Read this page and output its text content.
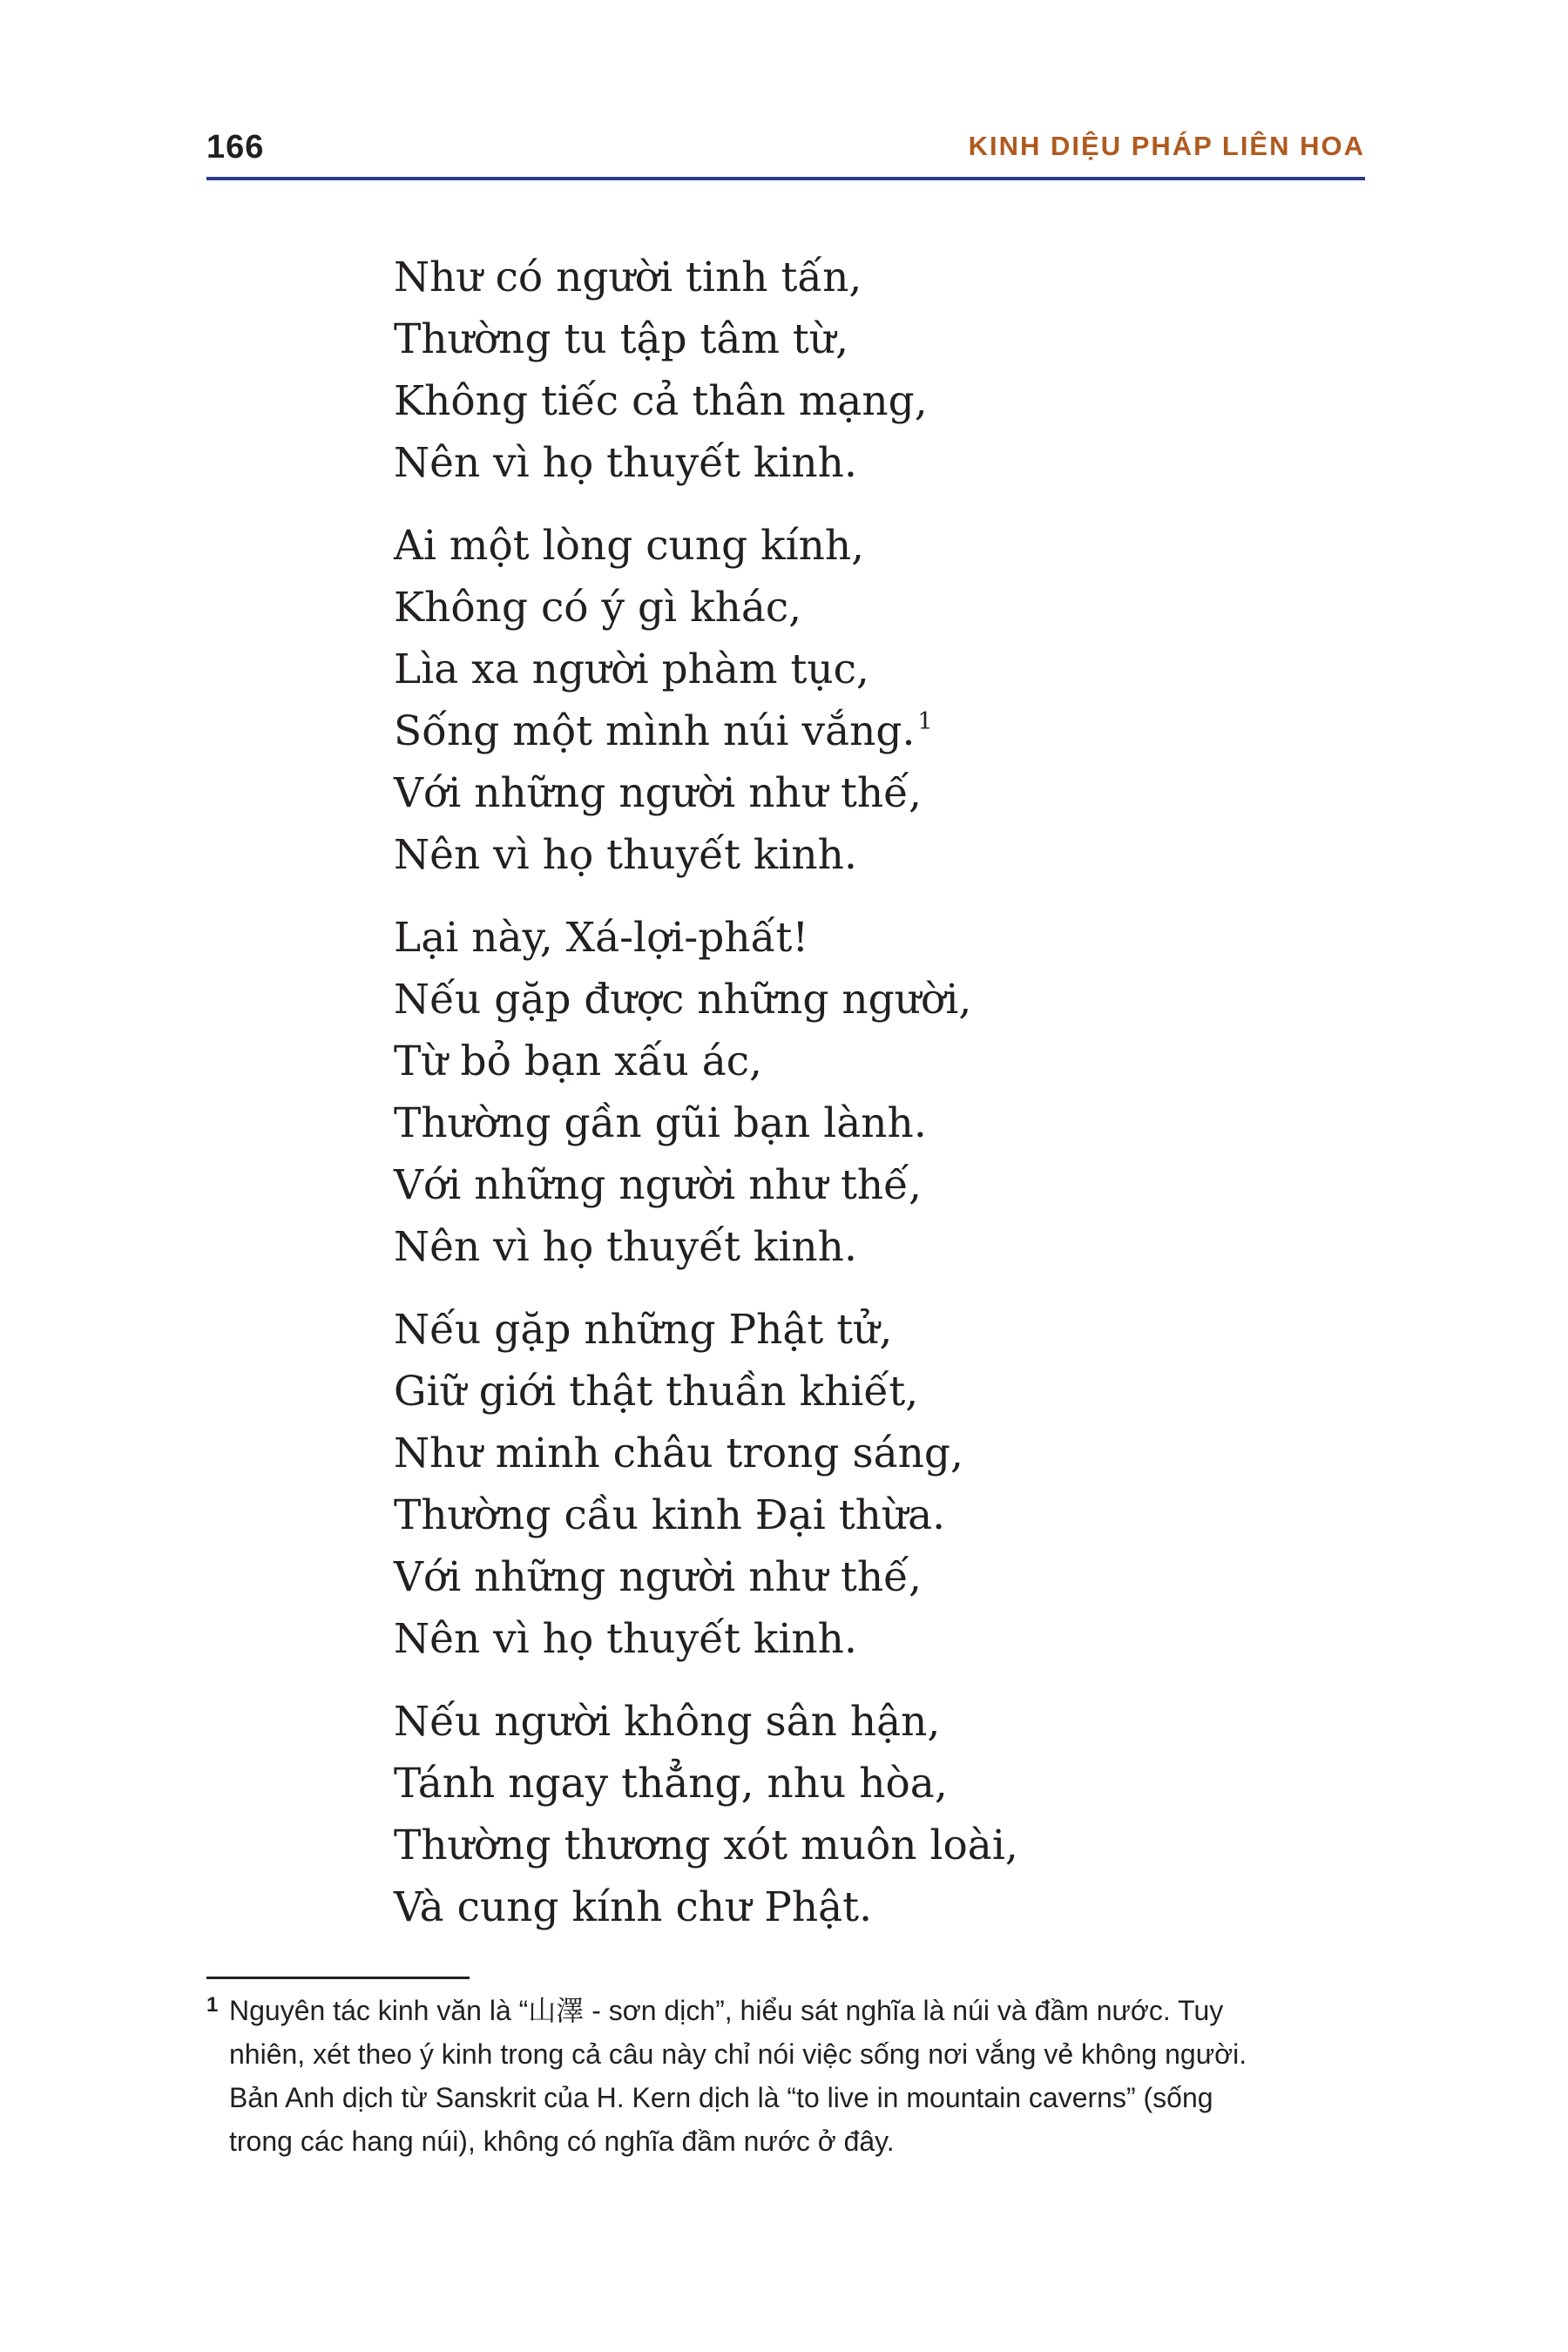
166	KINH DIỆU PHÁP LIÊN HOA
Như có người tinh tấn,
Thường tu tập tâm từ,
Không tiếc cả thân mạng,
Nên vì họ thuyết kinh.
Ai một lòng cung kính,
Không có ý gì khác,
Lìa xa người phàm tục,
Sống một mình núi vắng. $^1$
Với những người như thế,
Nên vì họ thuyết kinh.
Lại này, Xá-lợi-phất!
Nếu gặp được những người,
Từ bỏ bạn xấu ác,
Thường gần gũi bạn lành.
Với những người như thế,
Nên vì họ thuyết kinh.
Nếu gặp những Phật tử,
Giữ giới thật thuần khiết,
Như minh châu trong sáng,
Thường cầu kinh Đại thừa.
Với những người như thế,
Nên vì họ thuyết kinh.
Nếu người không sân hận,
Tánh ngay thẳng, nhu hòa,
Thường thương xót muôn loài,
Và cung kính chư Phật.
1 Nguyên tác kinh văn là “山澤 - sơn dịch”, hiểu sát nghĩa là núi và đầm nước. Tuy
nhiên, xét theo ý kinh trong cả câu này chỉ nói việc sống nơi vắng vẻ không người.
Bản Anh dịch từ Sanskrit của H. Kern dịch là “to live in mountain caverns” (sống
trong các hang núi), không có nghĩa đầm nước ở đây.
